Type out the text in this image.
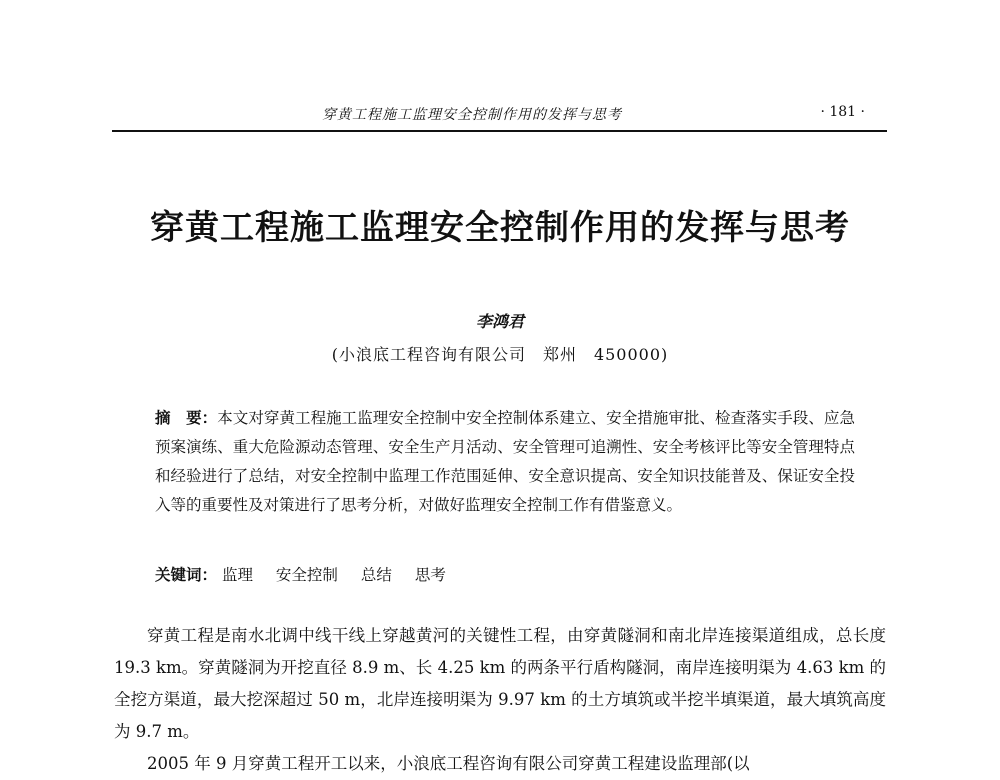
穿黄工程施工监理安全控制作用的发挥与思考	· 181 ·
穿黄工程施工监理安全控制作用的发挥与思考
李鸿君
(小浪底工程咨询有限公司　郑州　450000)
摘　要：本文对穿黄工程施工监理安全控制中安全控制体系建立、安全措施审批、检查落实手段、应急预案演练、重大危险源动态管理、安全生产月活动、安全管理可追溯性、安全考核评比等安全管理特点和经验进行了总结，对安全控制中监理工作范围延伸、安全意识提高、安全知识技能普及、保证安全投入等的重要性及对策进行了思考分析，对做好监理安全控制工作有借鉴意义。
关键词： 监理 安全控制 总结 思考

穿黄工程是南水北调中线干线上穿越黄河的关键性工程，由穿黄隧洞和南北岸连接渠道组成，总长度 19.3 km。穿黄隧洞为开挖直径 8.9 m、长 4.25 km 的两条平行盾构隧洞，南岸连接明渠为 4.63 km 的全挖方渠道，最大挖深超过 50 m，北岸连接明渠为 9.97 km 的土方填筑或半挖半填渠道，最大填筑高度为 9.7 m。

2005 年 9 月穿黄工程开工以来，小浪底工程咨询有限公司穿黄工程建设监理部(以
